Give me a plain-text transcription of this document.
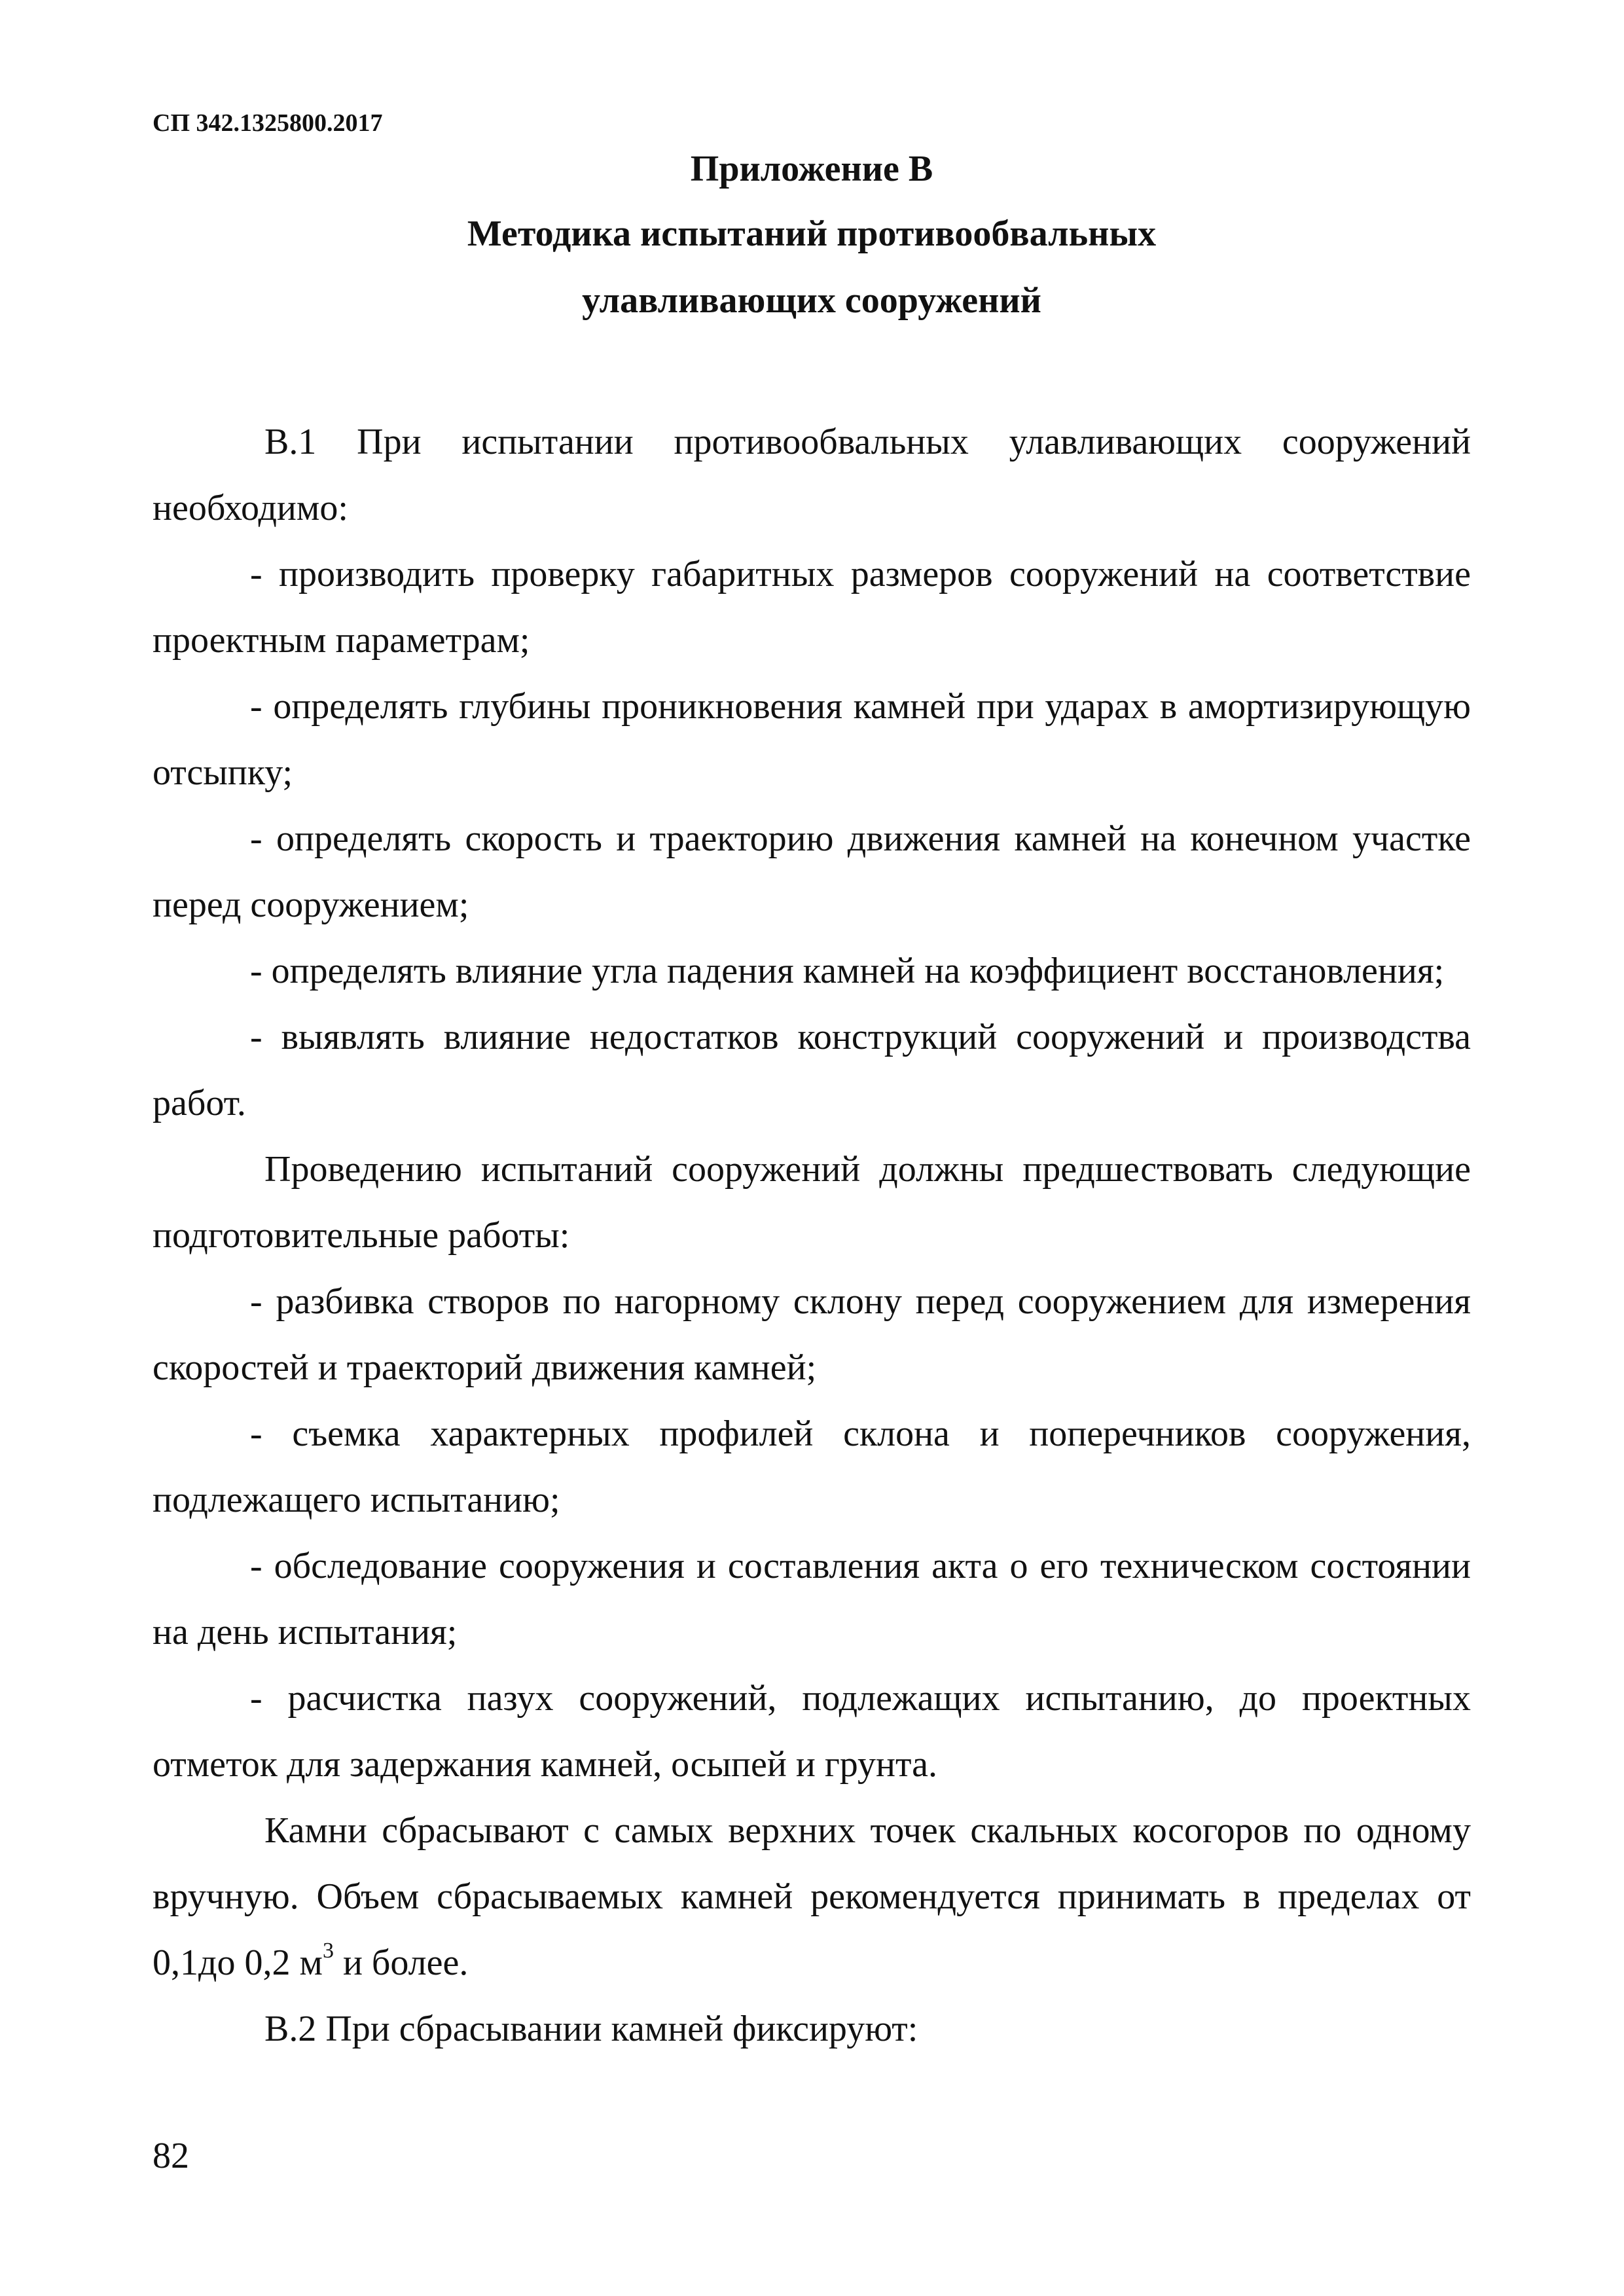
СП 342.1325800.2017
Приложение В
Методика испытаний противообвальных
улавливающих сооружений

В.1 При испытании противообвальных улавливающих сооружений необходимо:

- производить проверку габаритных размеров сооружений на соответствие проектным параметрам;

- определять глубины проникновения камней при ударах в амортизирующую отсыпку;

- определять скорость и траекторию движения камней на конечном участке перед сооружением;

- определять влияние угла падения камней на коэффициент восстановления;

- выявлять влияние недостатков конструкций сооружений и производства работ.

Проведению испытаний сооружений должны предшествовать следующие подготовительные работы:

- разбивка створов по нагорному склону перед сооружением для измерения скоростей и траекторий движения камней;

- съемка характерных профилей склона и поперечников сооружения, подлежащего испытанию;

- обследование сооружения и составления акта о его техническом состоянии на день испытания;

- расчистка пазух сооружений, подлежащих испытанию, до проектных отметок для задержания камней, осыпей и грунта.

Камни сбрасывают с самых верхних точек скальных косогоров по одному вручную. Объем сбрасываемых камней рекомендуется принимать в пределах от 0,1до 0,2 $м^3$ и более.

В.2 При сбрасывании камней фиксируют:

82
